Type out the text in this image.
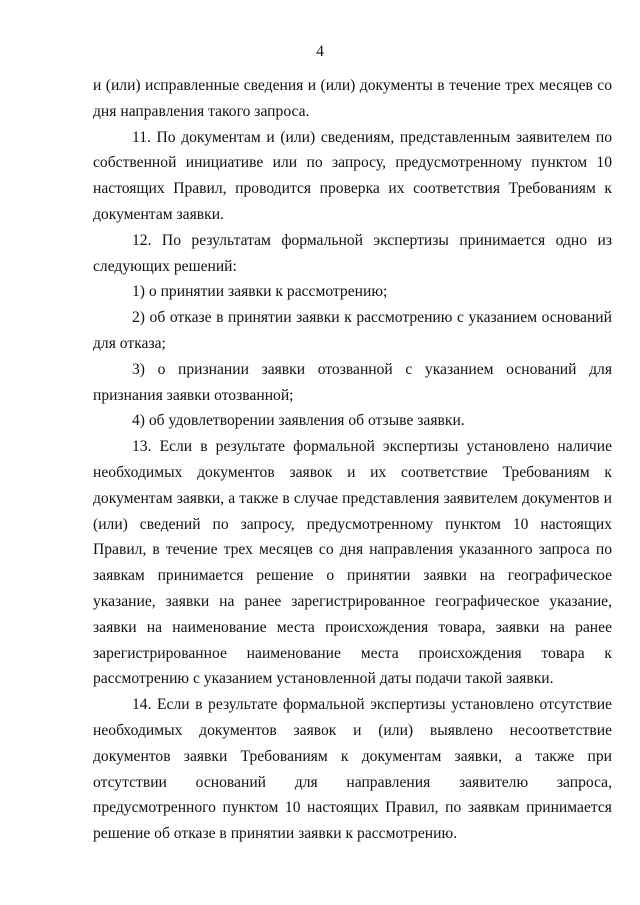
4

и (или) исправленные сведения и (или) документы в течение трех месяцев со дня направления такого запроса.

11. По документам и (или) сведениям, представленным заявителем по собственной инициативе или по запросу, предусмотренному пунктом 10 настоящих Правил, проводится проверка их соответствия Требованиям к документам заявки.

12. По результатам формальной экспертизы принимается одно из следующих решений:

1) о принятии заявки к рассмотрению;

2) об отказе в принятии заявки к рассмотрению с указанием оснований для отказа;

3) о признании заявки отозванной с указанием оснований для признания заявки отозванной;

4) об удовлетворении заявления об отзыве заявки.

13. Если в результате формальной экспертизы установлено наличие необходимых документов заявок и их соответствие Требованиям к документам заявки, а также в случае представления заявителем документов и (или) сведений по запросу, предусмотренному пунктом 10 настоящих Правил, в течение трех месяцев со дня направления указанного запроса по заявкам принимается решение о принятии заявки на географическое указание, заявки на ранее зарегистрированное географическое указание, заявки на наименование места происхождения товара, заявки на ранее зарегистрированное наименование места происхождения товара к рассмотрению с указанием установленной даты подачи такой заявки.

14. Если в результате формальной экспертизы установлено отсутствие необходимых документов заявок и (или) выявлено несоответствие документов заявки Требованиям к документам заявки, а также при отсутствии оснований для направления заявителю запроса, предусмотренного пунктом 10 настоящих Правил, по заявкам принимается решение об отказе в принятии заявки к рассмотрению.
